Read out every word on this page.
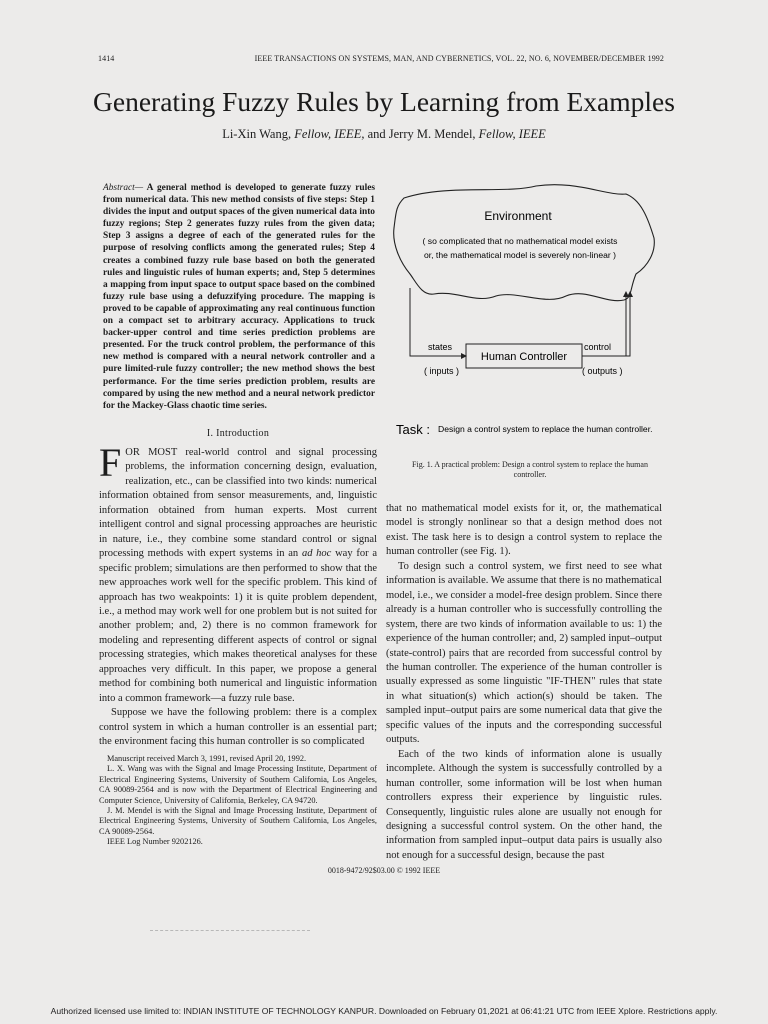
1414	IEEE TRANSACTIONS ON SYSTEMS, MAN, AND CYBERNETICS, VOL. 22, NO. 6, NOVEMBER/DECEMBER 1992
Generating Fuzzy Rules by Learning from Examples
Li-Xin Wang, Fellow, IEEE, and Jerry M. Mendel, Fellow, IEEE
Abstract— A general method is developed to generate fuzzy rules from numerical data. This new method consists of five steps: Step 1 divides the input and output spaces of the given numerical data into fuzzy regions; Step 2 generates fuzzy rules from the given data; Step 3 assigns a degree of each of the generated rules for the purpose of resolving conflicts among the generated rules; Step 4 creates a combined fuzzy rule base based on both the generated rules and linguistic rules of human experts; and, Step 5 determines a mapping from input space to output space based on the combined fuzzy rule base using a defuzzifying procedure. The mapping is proved to be capable of approximating any real continuous function on a compact set to arbitrary accuracy. Applications to truck backer-upper control and time series prediction problems are presented. For the truck control problem, the performance of this new method is compared with a neural network controller and a pure limited-rule fuzzy controller; the new method shows the best performance. For the time series prediction problem, results are compared by using the new method and a neural network predictor for the Mackey-Glass chaotic time series.
I. Introduction

F OR MOST real-world control and signal processing problems, the information concerning design, evaluation, realization, etc., can be classified into two kinds: numerical information obtained from sensor measurements, and, linguistic information obtained from human experts. Most current intelligent control and signal processing approaches are heuristic in nature, i.e., they combine some standard control or signal processing methods with expert systems in an ad hoc way for a specific problem; simulations are then performed to show that the new approaches work well for the specific problem. This kind of approach has two weakpoints: 1) it is quite problem dependent, i.e., a method may work well for one problem but is not suited for another problem; and, 2) there is no common framework for modeling and representing different aspects of control or signal processing strategies, which makes theoretical analyses for these approaches very difficult. In this paper, we propose a general method for combining both numerical and linguistic information into a common framework—a fuzzy rule base.

Suppose we have the following problem: there is a complex control system in which a human controller is an essential part; the environment facing this human controller is so complicated

Manuscript received March 3, 1991, revised April 20, 1992.

L. X. Wang was with the Signal and Image Processing Institute, Department of Electrical Engineering Systems, University of Southern California, Los Angeles, CA 90089-2564 and is now with the Department of Electrical Engineering and Computer Science, University of California, Berkeley, CA 94720.

J. M. Mendel is with the Signal and Image Processing Institute, Department of Electrical Engineering Systems, University of Southern California, Los Angeles, CA 90089-2564.

IEEE Log Number 9202126.

Environment
( so complicated that no mathematical model exists
or, the mathematical model is severely non-linear )
states
( inputs )
Human Controller
control
( outputs )
Task : Design a control system to replace the human controller.
Fig. 1. A practical problem: Design a control system to replace the human controller.

that no mathematical model exists for it, or, the mathematical model is strongly nonlinear so that a design method does not exist. The task here is to design a control system to replace the human controller (see Fig. 1).

To design such a control system, we first need to see what information is available. We assume that there is no mathematical model, i.e., we consider a model-free design problem. Since there already is a human controller who is successfully controlling the system, there are two kinds of information available to us: 1) the experience of the human controller; and, 2) sampled input–output (state-control) pairs that are recorded from successful control by the human controller. The experience of the human controller is usually expressed as some linguistic "IF-THEN" rules that state in what situation(s) which action(s) should be taken. The sampled input–output pairs are some numerical data that give the specific values of the inputs and the corresponding successful outputs.

Each of the two kinds of information alone is usually incomplete. Although the system is successfully controlled by a human controller, some information will be lost when human controllers express their experience by linguistic rules. Consequently, linguistic rules alone are usually not enough for designing a successful control system. On the other hand, the information from sampled input–output data pairs is usually also not enough for a successful design, because the past

0018-9472/92$03.00 © 1992 IEEE
Authorized licensed use limited to: INDIAN INSTITUTE OF TECHNOLOGY KANPUR. Downloaded on February 01,2021 at 06:41:21 UTC from IEEE Xplore. Restrictions apply.
